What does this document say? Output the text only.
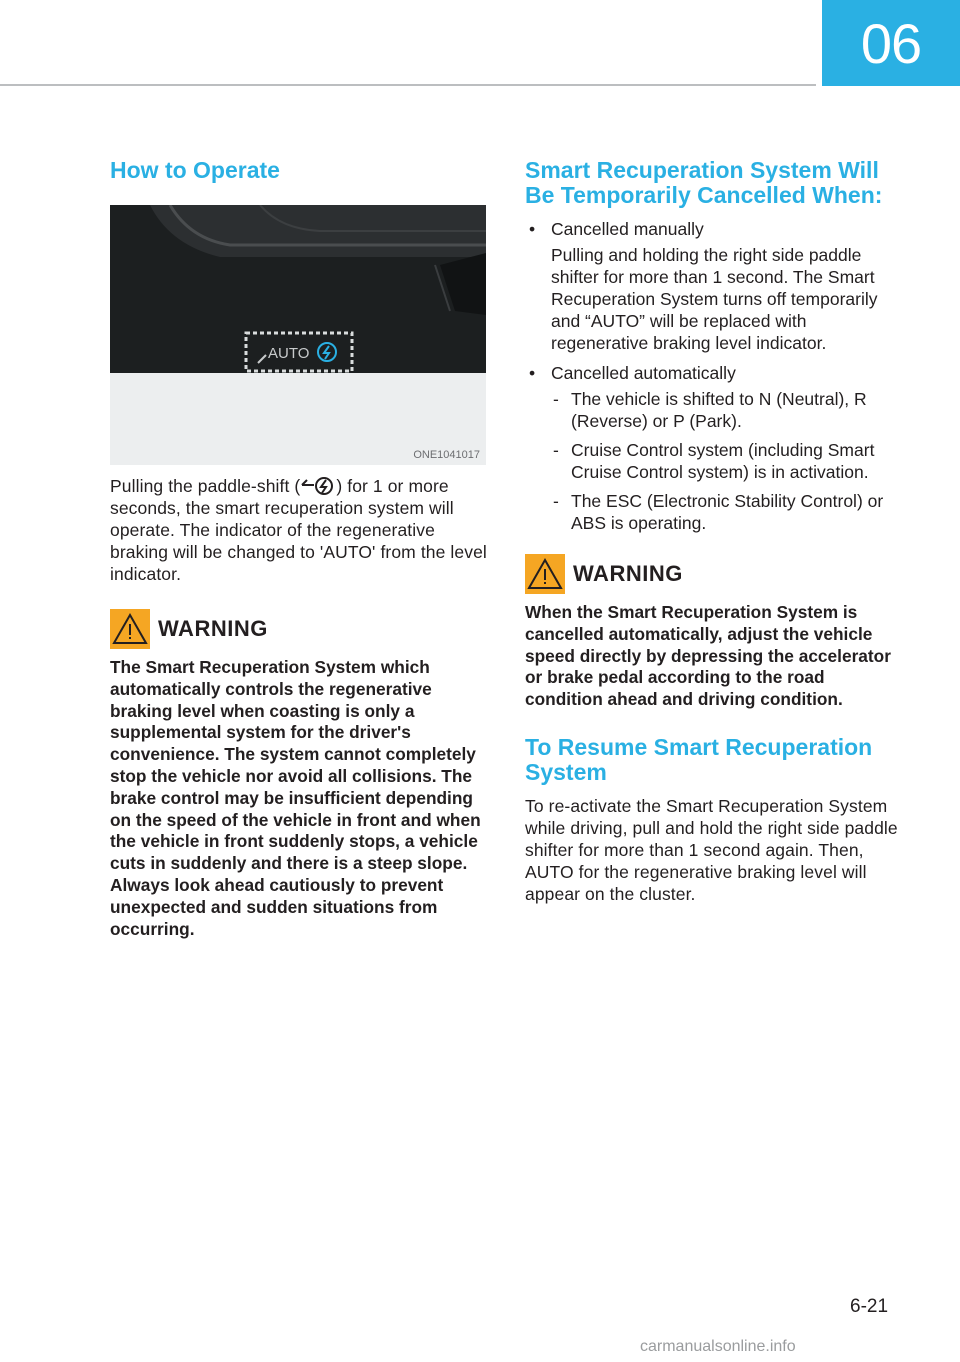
06
How to Operate
AUTO
ONE1041017

Pulling the paddle-shift ( ) for 1 or more seconds, the smart recuperation system will operate. The indicator of the regenerative braking will be changed to 'AUTO' from the level indicator.

WARNING
The Smart Recuperation System which automatically controls the regenerative braking level when coasting is only a supplemental system for the driver's convenience. The system cannot completely stop the vehicle nor avoid all collisions. The brake control may be insufficient depending on the speed of the vehicle in front and when the vehicle in front suddenly stops, a vehicle cuts in suddenly and there is a steep slope. Always look ahead cautiously to prevent unexpected and sudden situations from occurring.
Smart Recuperation System Will Be Temporarily Cancelled When:
• Cancelled manually
Pulling and holding the right side paddle shifter for more than 1 second. The Smart Recuperation System turns off temporarily and “AUTO” will be replaced with regenerative braking level indicator.
• Cancelled automatically
- The vehicle is shifted to N (Neutral), R (Reverse) or P (Park).
- Cruise Control system (including Smart Cruise Control system) is in activation.
- The ESC (Electronic Stability Control) or ABS is operating.
WARNING
When the Smart Recuperation System is cancelled automatically, adjust the vehicle speed directly by depressing the accelerator or brake pedal according to the road condition ahead and driving condition.
To Resume Smart Recuperation System

To re-activate the Smart Recuperation System while driving, pull and hold the right side paddle shifter for more than 1 second again. Then, AUTO for the regenerative braking level will appear on the cluster.

6-21
carmanualsonline.info
